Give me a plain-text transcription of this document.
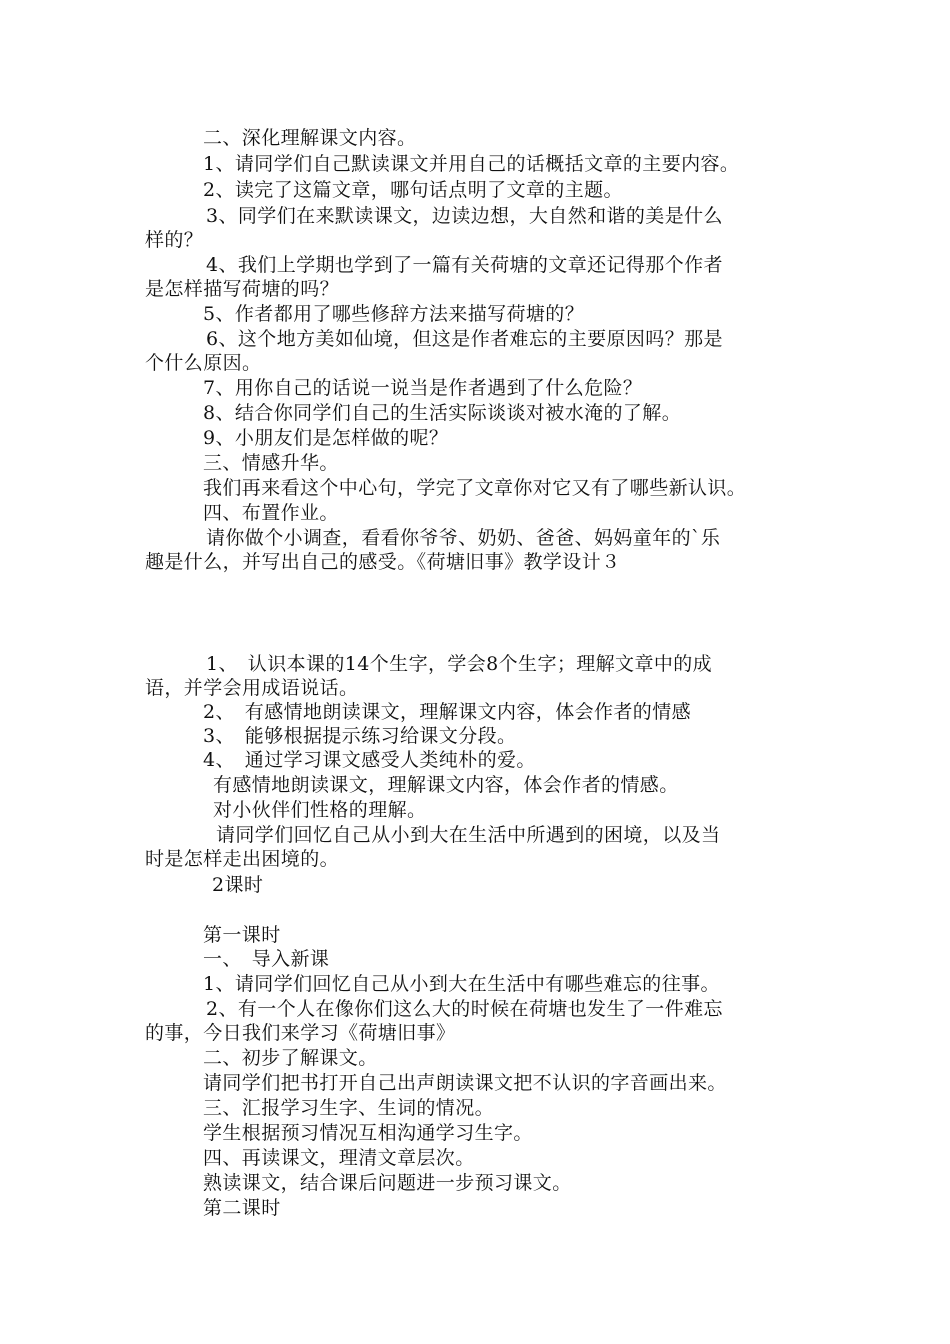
二、深化理解课文内容。
1、请同学们自己默读课文并用自己的话概括文章的主要内容。
2、读完了这篇文章，哪句话点明了文章的主题。
3、同学们在来默读课文，边读边想，大自然和谐的美是什么
样的？
4、我们上学期也学到了一篇有关荷塘的文章还记得那个作者
是怎样描写荷塘的吗？
5、作者都用了哪些修辞方法来描写荷塘的？
6、这个地方美如仙境，但这是作者难忘的主要原因吗？那是
个什么原因。
7、用你自己的话说一说当是作者遇到了什么危险？
8、结合你同学们自己的生活实际谈谈对被水淹的了解。
9、小朋友们是怎样做的呢？
三、情感升华。
我们再来看这个中心句，学完了文章你对它又有了哪些新认识。
四、布置作业。
请你做个小调查，看看你爷爷、奶奶、爸爸、妈妈童年的`乐
趣是什么，并写出自己的感受。《荷塘旧事》教学设计３
1、　认识本课的14个生字，学会8个生字；理解文章中的成
语，并学会用成语说话。
2、　有感情地朗读课文，理解课文内容，体会作者的情感
3、　能够根据提示练习给课文分段。
4、　通过学习课文感受人类纯朴的爱。
有感情地朗读课文，理解课文内容，体会作者的情感。
对小伙伴们性格的理解。
请同学们回忆自己从小到大在生活中所遇到的困境，以及当
时是怎样走出困境的。
2课时
第一课时
一、　导入新课
1、请同学们回忆自己从小到大在生活中有哪些难忘的往事。
2、有一个人在像你们这么大的时候在荷塘也发生了一件难忘
的事，今日我们来学习《荷塘旧事》
二、初步了解课文。
请同学们把书打开自己出声朗读课文把不认识的字音画出来。
三、汇报学习生字、生词的情况。
学生根据预习情况互相沟通学习生字。
四、再读课文，理清文章层次。
熟读课文，结合课后问题进一步预习课文。
第二课时
